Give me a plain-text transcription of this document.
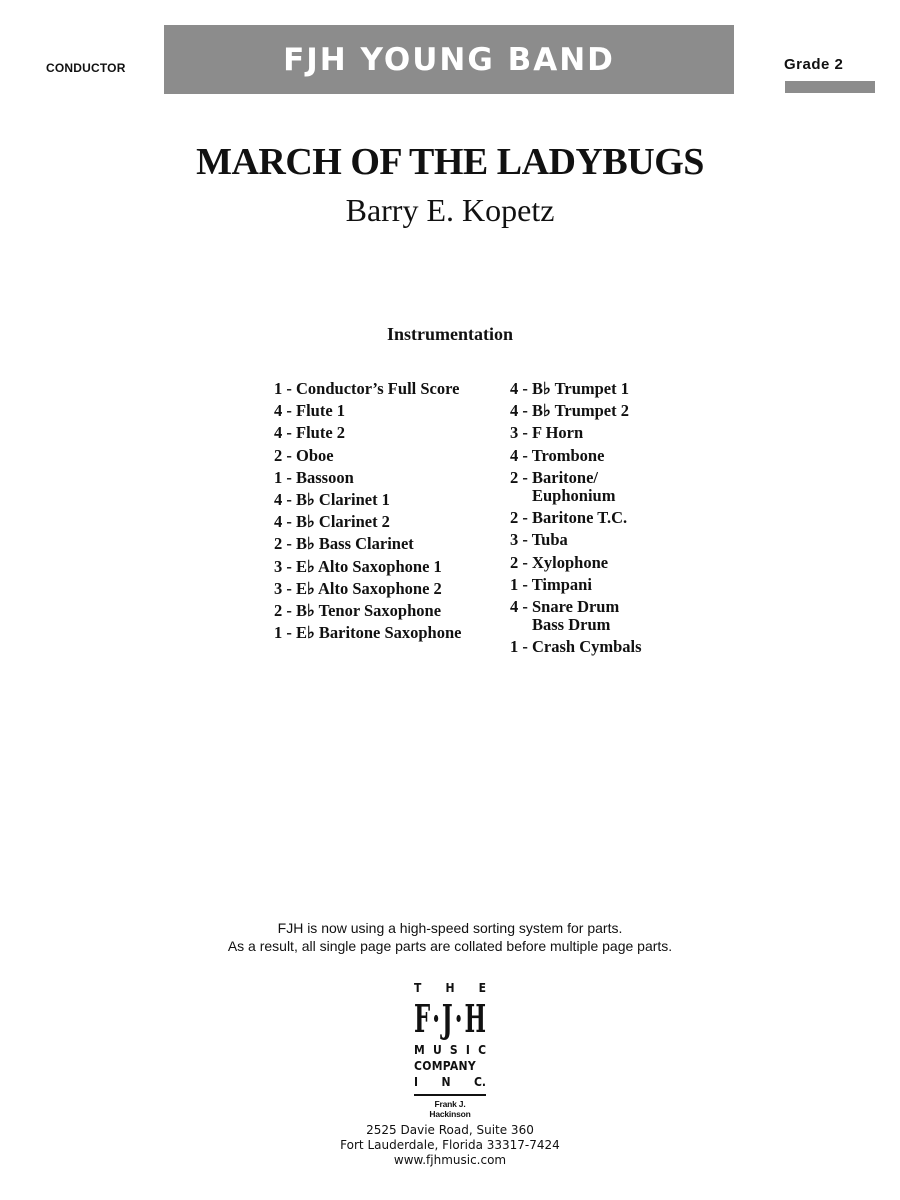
CONDUCTOR	FJH YOUNG BAND	Grade 2
MARCH OF THE LADYBUGS
Barry E. Kopetz
Instrumentation
1 - Conductor’s Full Score
4 - Flute 1
4 - Flute 2
2 - Oboe
1 - Bassoon
4 - B♭ Clarinet 1
4 - B♭ Clarinet 2
2 - B♭ Bass Clarinet
3 - E♭ Alto Saxophone 1
3 - E♭ Alto Saxophone 2
2 - B♭ Tenor Saxophone
1 - E♭ Baritone Saxophone
4 - B♭ Trumpet 1
4 - B♭ Trumpet 2
3 - F Horn
4 - Trombone
2 - Baritone/
Euphonium
2 - Baritone T.C.
3 - Tuba
2 - Xylophone
1 - Timpani
4 - Snare Drum
Bass Drum
1 - Crash Cymbals
FJH is now using a high-speed sorting system for parts.
As a result, all single page parts are collated before multiple page parts.
T H E
F · J · H
M U S I C
COMPANY
I N C.
Frank J. Hackinson
2525 Davie Road, Suite 360
Fort Lauderdale, Florida 33317-7424
www.fjhmusic.com
